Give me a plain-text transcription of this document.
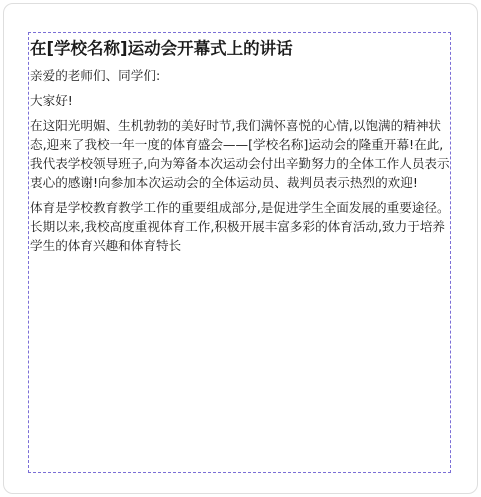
在[学校名称]运动会开幕式上的讲话
亲爱的老师们、同学们:
大家好!
在这阳光明媚、生机勃勃的美好时节,我们满怀喜悦的心情,以饱满的精神状态,迎来了我校一年一度的体育盛会——[学校名称]运动会的隆重开幕!在此,我代表学校领导班子,向为筹备本次运动会付出辛勤努力的全体工作人员表示衷心的感谢!向参加本次运动会的全体运动员、裁判员表示热烈的欢迎!
体育是学校教育教学工作的重要组成部分,是促进学生全面发展的重要途径。长期以来,我校高度重视体育工作,积极开展丰富多彩的体育活动,致力于培养学生的体育兴趣和体育特长
